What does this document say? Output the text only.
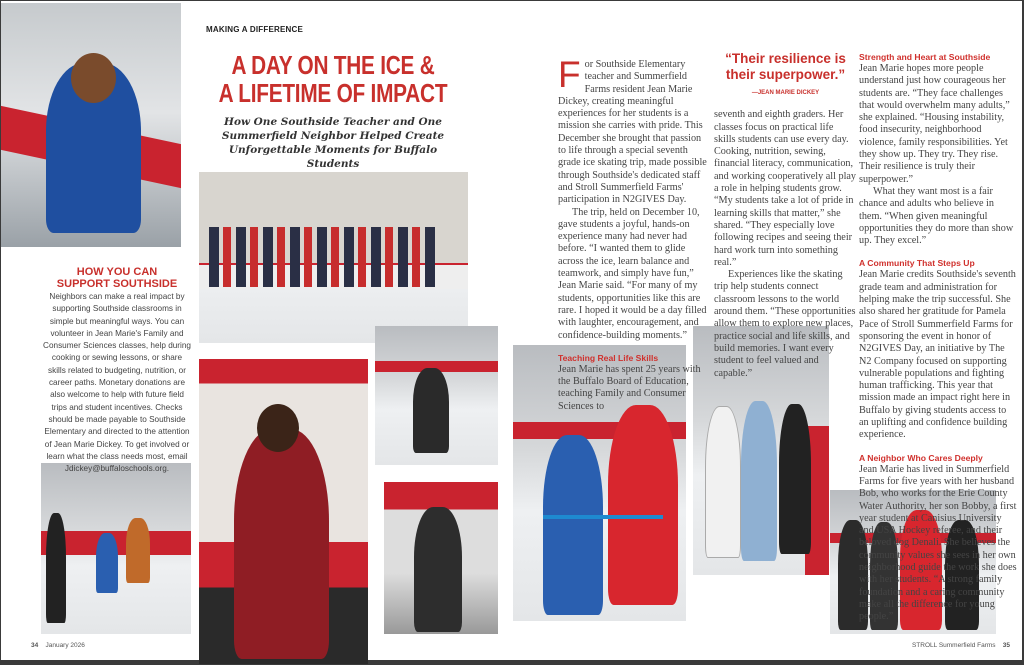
MAKING A DIFFERENCE
A DAY ON THE ICE &
A LIFETIME OF IMPACT
How One Southside Teacher and One Summerfield Neighbor Helped Create Unforgettable Moments for Buffalo Students
HOW YOU CAN
SUPPORT SOUTHSIDE
Neighbors can make a real impact by supporting Southside classrooms in simple but meaningful ways. You can volunteer in Jean Marie's Family and Consumer Sciences classes, help during cooking or sewing lessons, or share skills related to budgeting, nutrition, or career paths. Monetary donations are also welcome to help with future field trips and student incentives. Checks should be made payable to Southside Elementary and directed to the attention of Jean Marie Dickey. To get involved or learn what the class needs most, email Jdickey@buffaloschools.org.
F or Southside Elementary teacher and Summerfield Farms resident Jean Marie Dickey, creating meaningful experiences for her students is a mission she carries with pride. This December she brought that passion to life through a special seventh grade ice skating trip, made possible through Southside's dedicated staff and Stroll Summerfield Farms' participation in N2GIVES Day.

The trip, held on December 10, gave students a joyful, hands-on experience many had never had before. “I wanted them to glide across the ice, learn balance and teamwork, and simply have fun,” Jean Marie said. “For many of my students, opportunities like this are rare. I hoped it would be a day filled with laughter, encouragement, and confidence-building moments.”

Teaching Real Life Skills

Jean Marie has spent 25 years with the Buffalo Board of Education, teaching Family and Consumer Sciences to

“Their resilience is their superpower.”
—JEAN MARIE DICKEY

seventh and eighth graders. Her classes focus on practical life skills students can use every day. Cooking, nutrition, sewing, financial literacy, communication, and working cooperatively all play a role in helping students grow. “My students take a lot of pride in learning skills that matter,” she shared. “They especially love following recipes and seeing their hard work turn into something real.”

Experiences like the skating trip help students connect classroom lessons to the world around them. “These opportunities allow them to explore new places, practice social and life skills, and build memories. I want every student to feel valued and capable.”

Strength and Heart at Southside

Jean Marie hopes more people understand just how courageous her students are. “They face challenges that would overwhelm many adults,” she explained. “Housing instability, food insecurity, neighborhood violence, family responsibilities. Yet they show up. They try. They rise. Their resilience is truly their superpower.”

What they want most is a fair chance and adults who believe in them. “When given meaningful opportunities they do more than show up. They excel.”

A Community That Steps Up

Jean Marie credits Southside's seventh grade team and administration for helping make the trip successful. She also shared her gratitude for Pamela Pace of Stroll Summerfield Farms for sponsoring the event in honor of N2GIVES Day, an initiative by The N2 Company focused on supporting vulnerable populations and fighting human trafficking. This year that mission made an impact right here in Buffalo by giving students access to an uplifting and confidence building experience.

A Neighbor Who Cares Deeply

Jean Marie has lived in Summerfield Farms for five years with her husband Bob, who works for the Erie County Water Authority, her son Bobby, a first year student at Canisius University and USA Hockey referee, and their beloved dog Denali. She believes the community values she sees in her own neighborhood guide the work she does with her students. “A strong family foundation and a caring community make all the difference for young people.”

34 January 2026	STROLL Summerfield Farms 35
